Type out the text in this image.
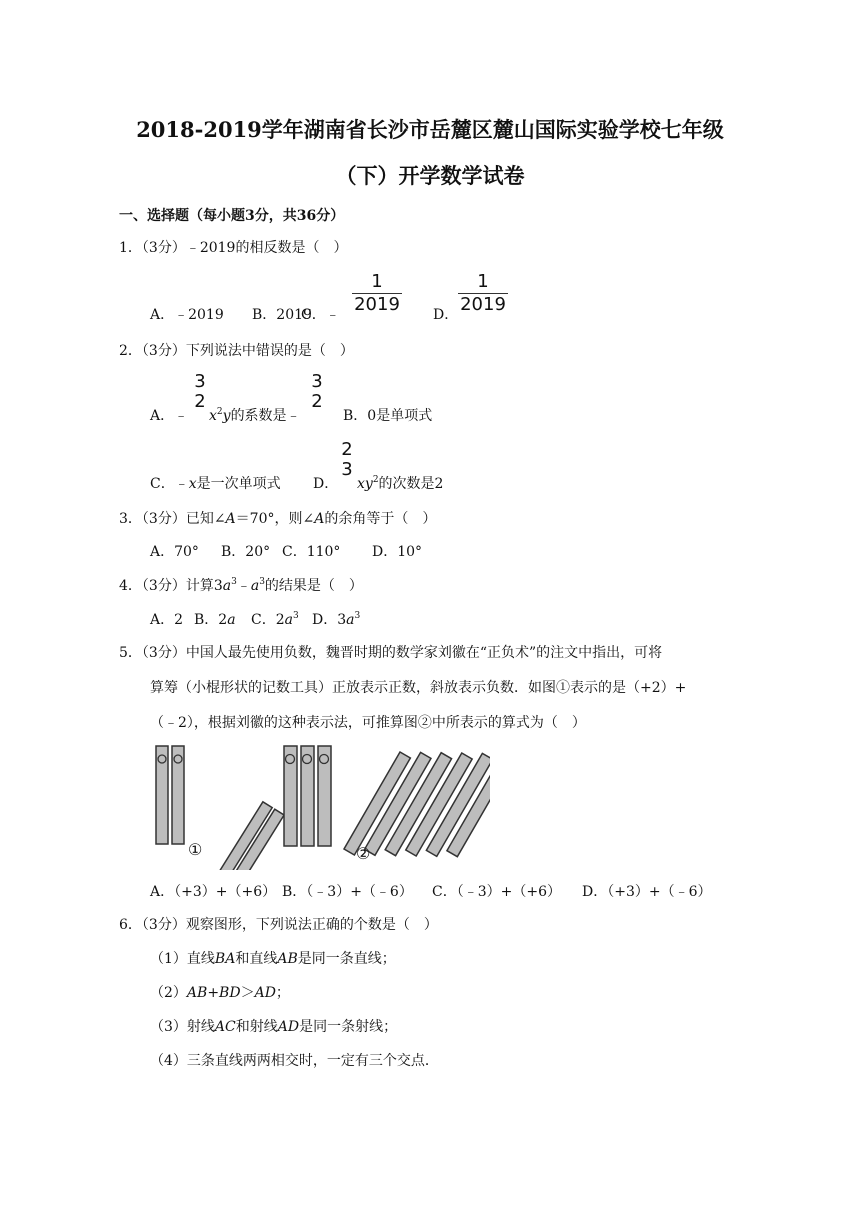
2018-2019学年湖南省长沙市岳麓区麓山国际实验学校七年级
（下）开学数学试卷
一、选择题（每小题3分，共36分）
1．（3分）﹣2019的相反数是（　）
A．﹣2019 B．2019
C．﹣
1
2019 D．
1
2019
2．（3分）下列说法中错误的是（　）
A．﹣
3
2
$x^2y$的系数是﹣
3
2
B．0是单项式
C．﹣x是一次单项式 D．
2
3
$xy^2$的次数是2
3．（3分）已知∠A＝70°，则∠A的余角等于（　）
A．70° B．20° C．110° D．10°
4．（3分）计算$3a^3﹣a^3$的结果是（　）
A．2 B．2a C．$2a^3$ D．$3a^3$
5．（3分）中国人最先使用负数，魏晋时期的数学家刘徽在“正负术”的注文中指出，可将
算筹（小棍形状的记数工具）正放表示正数，斜放表示负数．如图①表示的是（+2）+
（﹣2），根据刘徽的这种表示法，可推算图②中所表示的算式为（　）
①	②
A．（+3）+（+6） B．（﹣3）+（﹣6） C．（﹣3）+（+6） D．（+3）+（﹣6）
6．（3分）观察图形，下列说法正确的个数是（　）
（1）直线BA和直线AB是同一条直线；
（2）AB+BD＞AD；
（3）射线AC和射线AD是同一条射线；
（4）三条直线两两相交时，一定有三个交点．
